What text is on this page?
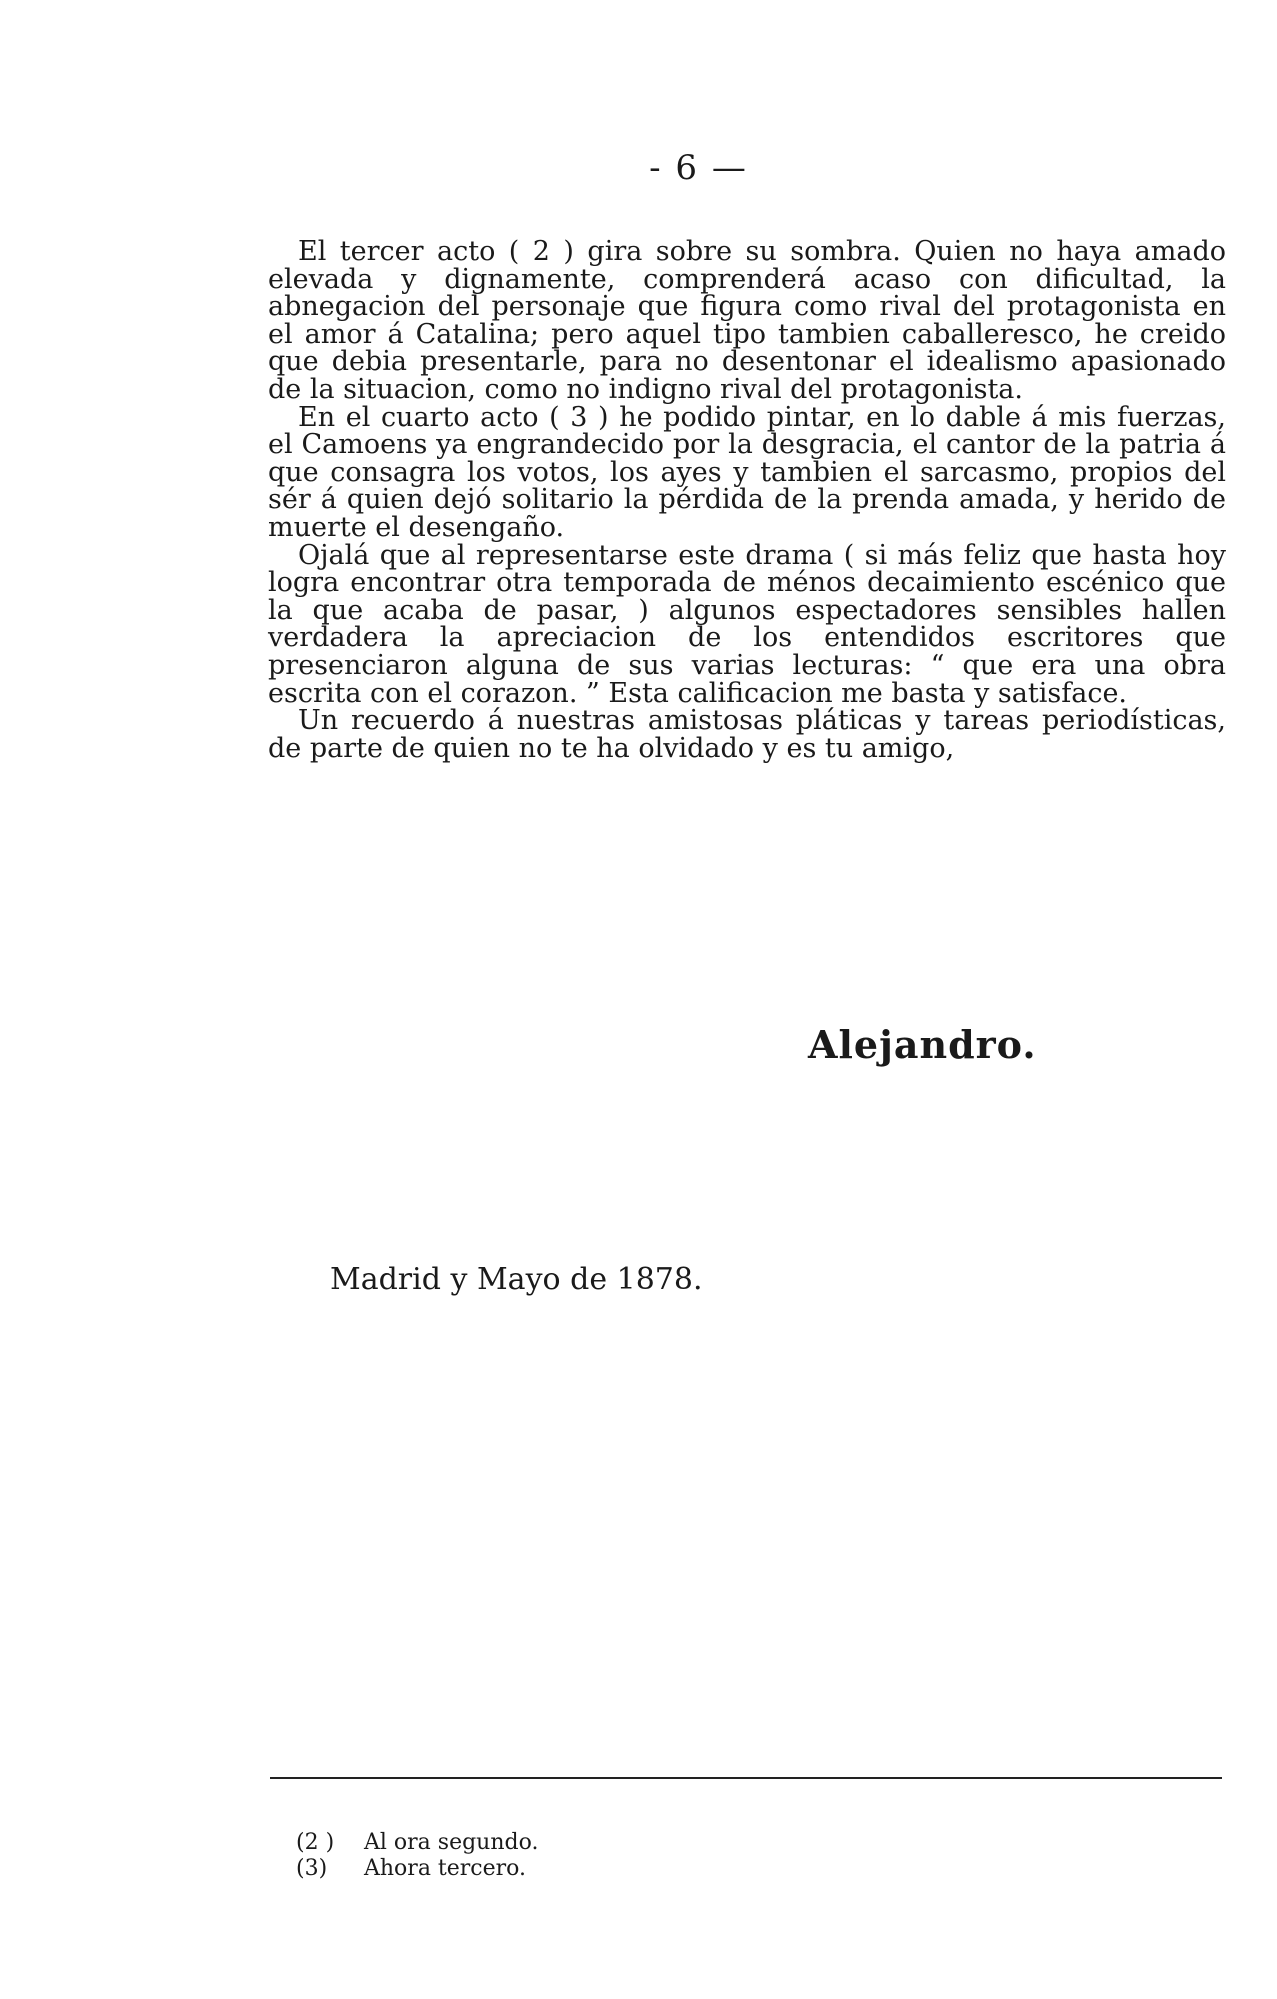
- 6 —

El tercer acto ( 2 ) gira sobre su sombra. Quien no haya amado elevada y dignamente, comprenderá acaso con dificultad, la abnegacion del personaje que figura como rival del protagonista en el amor á Catalina; pero aquel tipo tambien caballeresco, he creido que debia presentarle, para no desentonar el idealismo apasionado de la situacion, como no indigno rival del protagonista.

En el cuarto acto ( 3 ) he podido pintar, en lo dable á mis fuerzas, el Camoens ya engrandecido por la desgracia, el cantor de la patria á que consagra los votos, los ayes y tambien el sarcasmo, propios del sér á quien dejó solitario la pérdida de la prenda amada, y herido de muerte el desengaño.

Ojalá que al representarse este drama ( si más feliz que hasta hoy logra encontrar otra temporada de ménos decaimiento escénico que la que acaba de pasar, ) algunos espectadores sensibles hallen verdadera la apreciacion de los entendidos escritores que presenciaron alguna de sus varias lecturas: “ que era una obra escrita con el corazon. ” Esta calificacion me basta y satisface.

Un recuerdo á nuestras amistosas pláticas y tareas periodísticas, de parte de quien no te ha olvidado y es tu amigo,

Alejandro.
Madrid y Mayo de 1878.
(2 ) Al ora segundo.
(3) Ahora tercero.
